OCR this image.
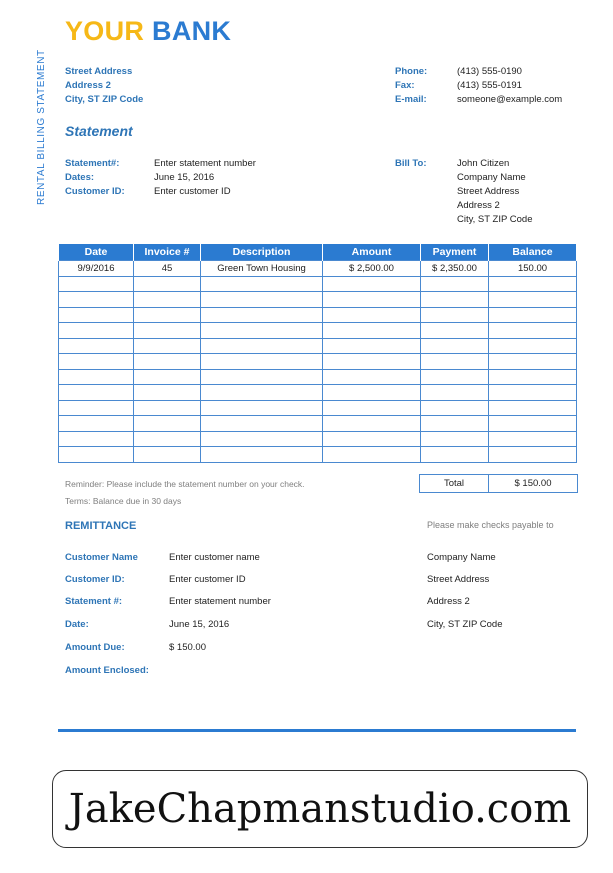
RENTAL BILLING STATEMENT
YOUR BANK
Street Address
Address 2
City, ST ZIP Code
Phone:	(413) 555-0190
Fax:	(413) 555-0191
E-mail:	someone@example.com
Statement
Statement#:	Enter statement number
Dates:	June 15, 2016
Customer ID:	Enter customer ID
Bill To:	John Citizen
Company Name
Street Address
Address 2
City, ST ZIP Code
Date	Invoice #	Description	Amount	Payment	Balance
9/9/2016	45	Green Town Housing	$ 2,500.00	$ 2,350.00	150.00

Reminder: Please include the statement number on your check.
Terms: Balance due in 30 days
Total	$ 150.00
REMITTANCE	Please make checks payable to
Customer Name	Enter customer name
Customer ID:	Enter customer ID
Statement #:	Enter statement number
Date:	June 15, 2016
Amount Due:	$ 150.00
Amount Enclosed:
Company Name
Street Address
Address 2
City, ST ZIP Code
JakeChapmanstudio.com
